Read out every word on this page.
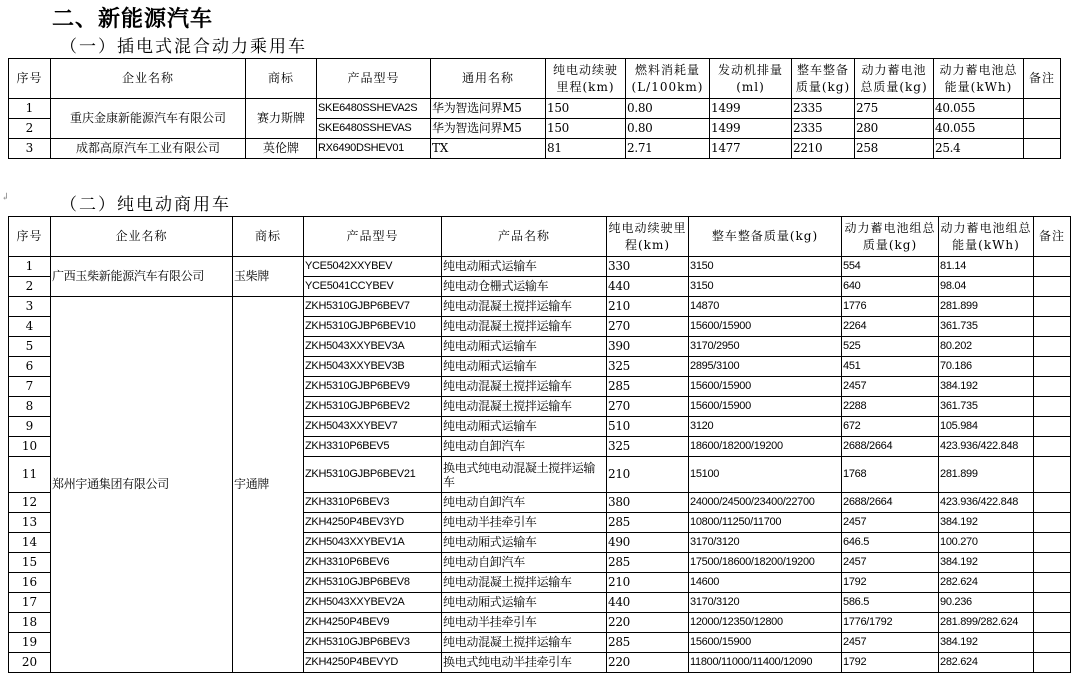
二、新能源汽车
（一）插电式混合动力乘用车
序号	企业名称	商标	产品型号	通用名称	纯电动续驶里程(km)	燃料消耗量(L/100km)	发动机排量(ml)	整车整备质量(kg)	动力蓄电池总质量(kg)	动力蓄电池总能量(kWh)	备注
1	重庆金康新能源汽车有限公司	赛力斯牌	SKE6480SSHEVA2S	华为智选问界M5	150	0.80	1499	2335	275	40.055	
2			SKE6480SSHEVAS	华为智选问界M5	150	0.80	1499	2335	280	40.055	
3	成都高原汽车工业有限公司	英伦牌	RX6490DSHEV01	TX	81	2.71	1477	2210	258	25.4	
↲	（二）纯电动商用车
序号	企业名称	商标	产品型号	产品名称	纯电动续驶里程(km)	整车整备质量(kg)	动力蓄电池组总质量(kg)	动力蓄电池组总能量(kWh)	备注
1	广西玉柴新能源汽车有限公司	玉柴牌	YCE5042XXYBEV	纯电动厢式运输车	330	3150	554	81.14	
2			YCE5041CCYBEV	纯电动仓栅式运输车	440	3150	640	98.04	
3	郑州宇通集团有限公司	宇通牌	ZKH5310GJBP6BEV7	纯电动混凝土搅拌运输车	210	14870	1776	281.899	
4			ZKH5310GJBP6BEV10	纯电动混凝土搅拌运输车	270	15600/15900	2264	361.735	
5			ZKH5043XXYBEV3A	纯电动厢式运输车	390	3170/2950	525	80.202	
6			ZKH5043XXYBEV3B	纯电动厢式运输车	325	2895/3100	451	70.186	
7			ZKH5310GJBP6BEV9	纯电动混凝土搅拌运输车	285	15600/15900	2457	384.192	
8			ZKH5310GJBP6BEV2	纯电动混凝土搅拌运输车	270	15600/15900	2288	361.735	
9			ZKH5043XXYBEV7	纯电动厢式运输车	510	3120	672	105.984	
10			ZKH3310P6BEV5	纯电动自卸汽车	325	18600/18200/19200	2688/2664	423.936/422.848	
11			ZKH5310GJBP6BEV21	换电式纯电动混凝土搅拌运输车	210	15100	1768	281.899	
12			ZKH3310P6BEV3	纯电动自卸汽车	380	24000/24500/23400/22700	2688/2664	423.936/422.848	
13			ZKH4250P4BEV3YD	纯电动半挂牵引车	285	10800/11250/11700	2457	384.192	
14			ZKH5043XXYBEV1A	纯电动厢式运输车	490	3170/3120	646.5	100.270	
15			ZKH3310P6BEV6	纯电动自卸汽车	285	17500/18600/18200/19200	2457	384.192	
16			ZKH5310GJBP6BEV8	纯电动混凝土搅拌运输车	210	14600	1792	282.624	
17			ZKH5043XXYBEV2A	纯电动厢式运输车	440	3170/3120	586.5	90.236	
18			ZKH4250P4BEV9	纯电动半挂牵引车	220	12000/12350/12800	1776/1792	281.899/282.624	
19			ZKH5310GJBP6BEV3	纯电动混凝土搅拌运输车	285	15600/15900	2457	384.192	
20			ZKH4250P4BEVYD	换电式纯电动半挂牵引车	220	11800/11000/11400/12090	1792	282.624	
